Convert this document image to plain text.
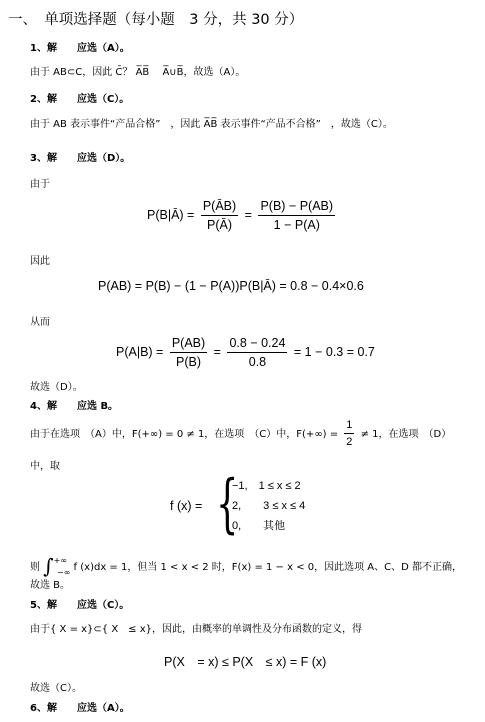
一、　单项选择题（每小题　3 分，共 30 分）
1、解　　应选（A）。
由于 AB⊂C，因此 C̄？ A̅B̅　 A̅∪B̅，故选（A）。
2、解　　应选（C）。
由于 AB 表示事件“产品合格”　，因此 A̅B̅ 表示事件“产品不合格”　，故选（C）。
3、解　　应选（D）。
由于
P(B|Ā) = $\frac{P(ĀB)}{P(Ā)} = \frac{P(B) - P(AB)}{1 - P(A)}$
因此
P(AB) = P(B) − (1 − P(A))P(B|Ā) = 0.8 − 0.4×0.6
从而
$P(A|B) = \frac{P(AB)}{P(B)} = \frac{0.8 - 0.24}{0.8} = 1 - 0.3 = 0.7$
故选（D）。
4、解　　应选 B。
由于在选项　（A）中，F(+∞) = 0 ≠ 1，在选项　（C）中，$F(+\infty) = \frac{1}{2} \ne 1$，在选项　（D）
中，取
f (x) = {
−1,　1 ≤ x ≤ 2
2,　　3 ≤ x ≤ 4
0,　　其他
则 $\int^{+\infty}_{-\infty}$ f (x)dx = 1，但当 1 < x < 2 时，F(x) = 1 − x < 0，因此选项 A、C、D 都不正确，
故选 B。
5、解　　应选（C）。
由于{ X = x}⊂{ X　≤ x}，因此，由概率的单调性及分布函数的定义，得
P(X　= x) ≤ P(X　≤ x) = F (x)
故选（C）。
6、解　　应选（A）。
